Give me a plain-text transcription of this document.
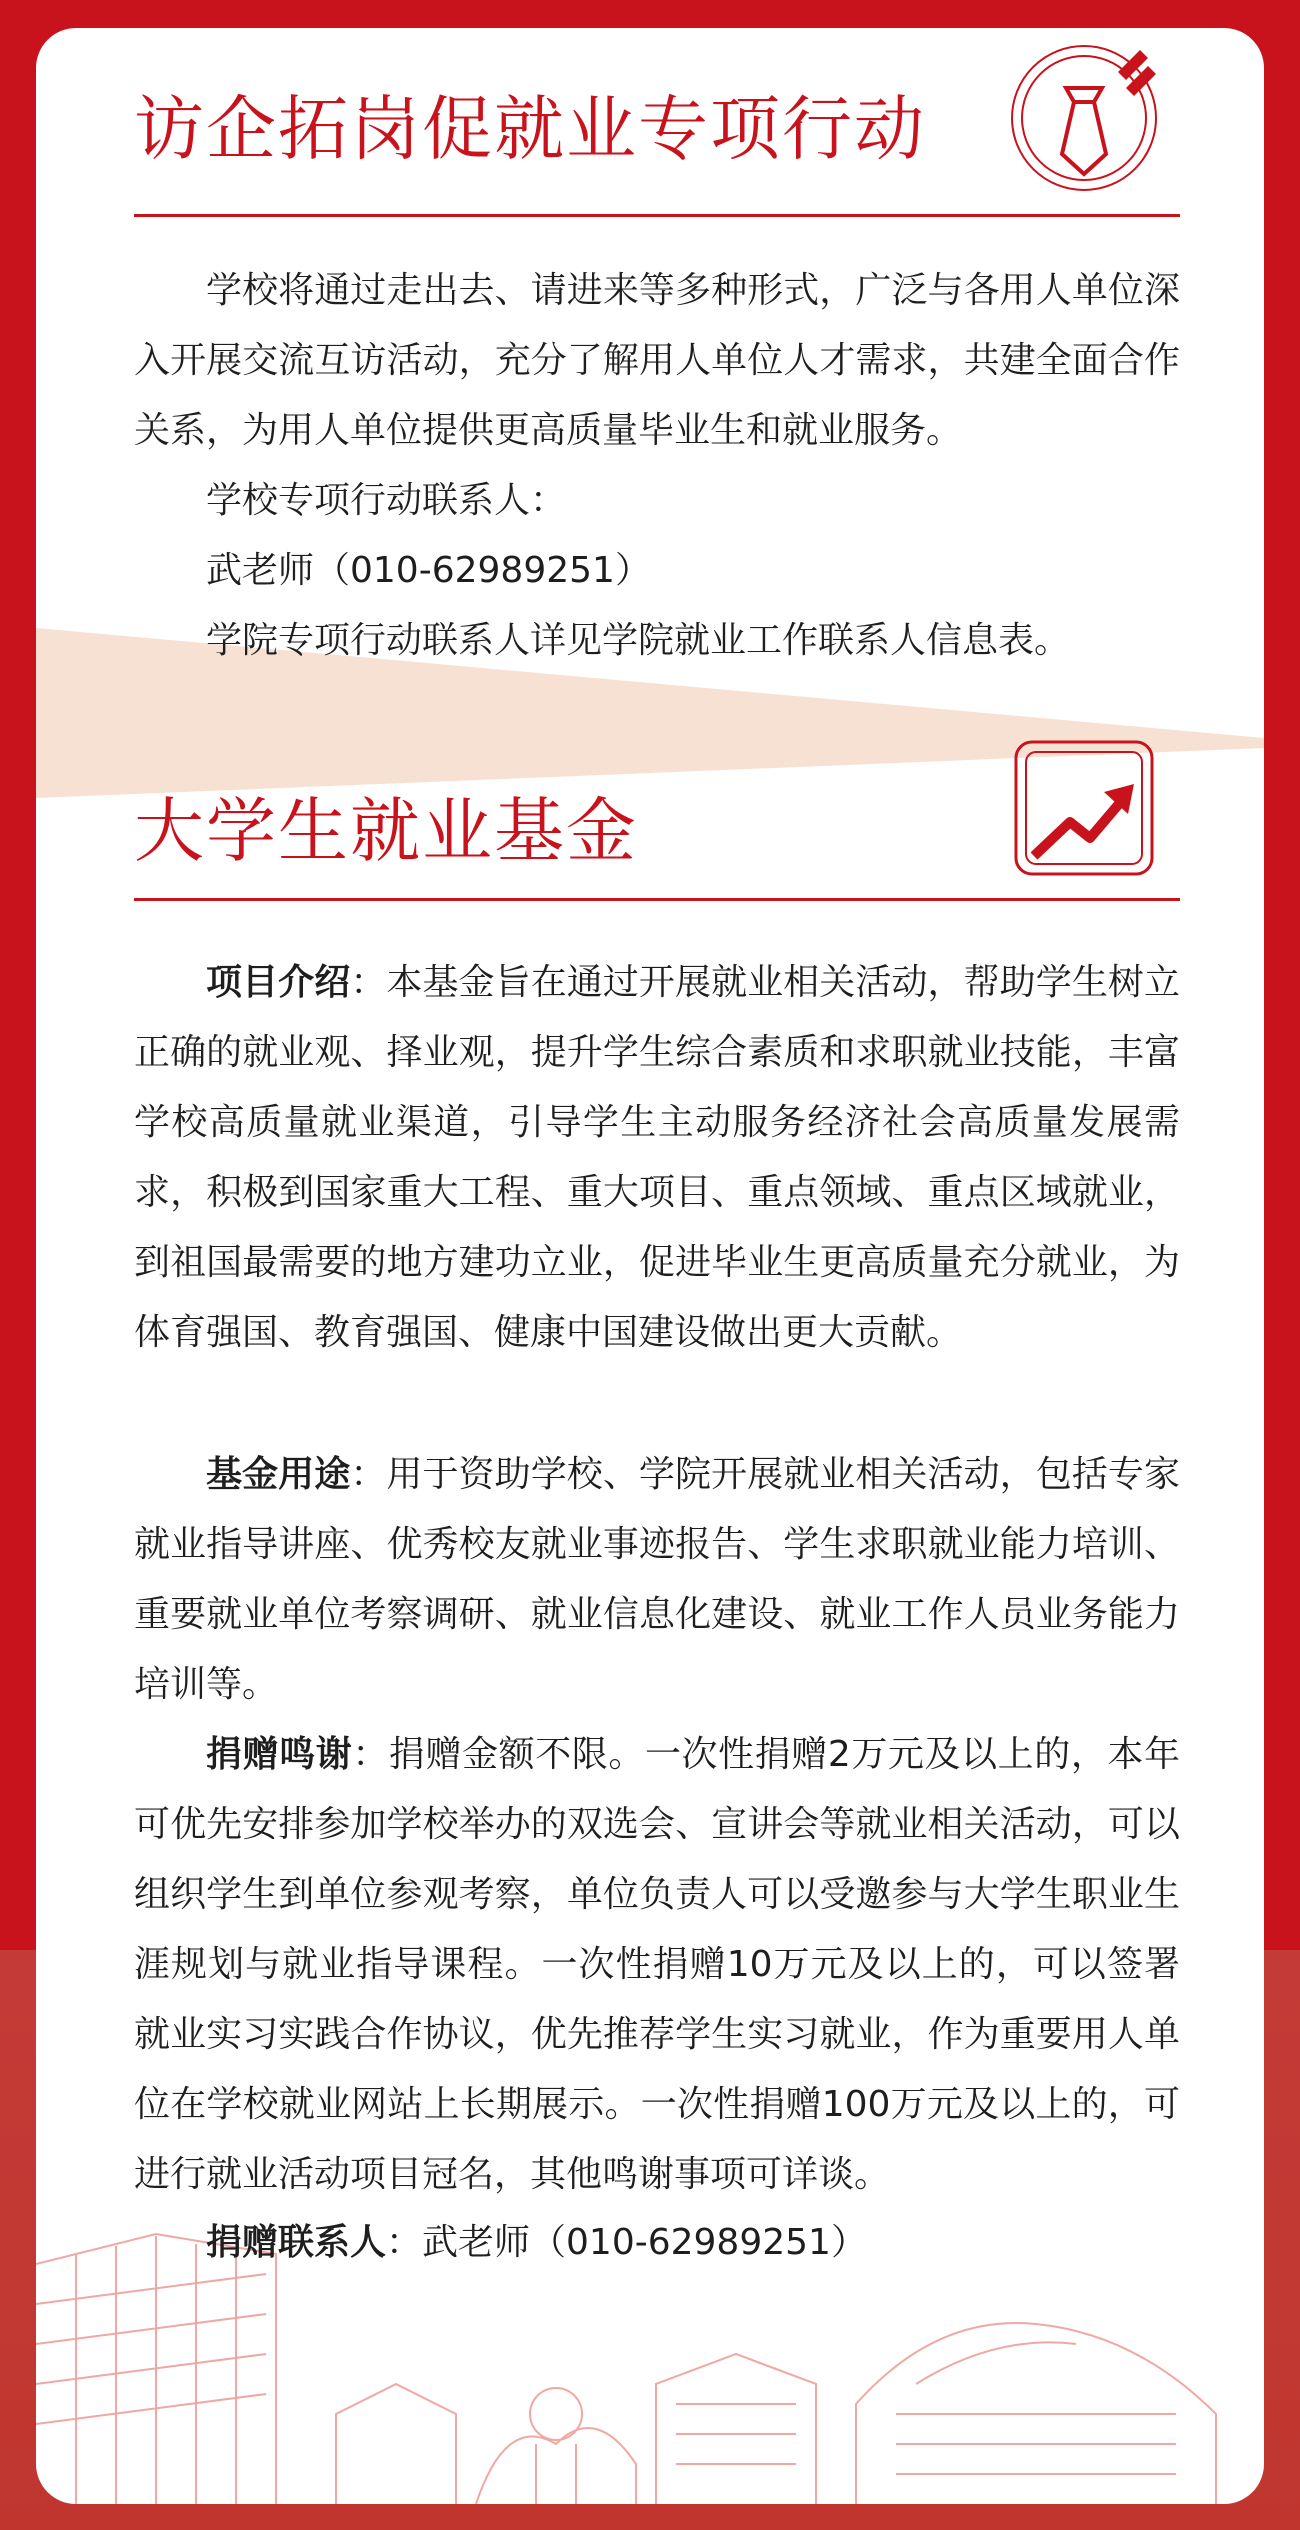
访企拓岗促就业专项行动

学校将通过走出去、请进来等多种形式，广泛与各用人单位深入开展交流互访活动，充分了解用人单位人才需求，共建全面合作关系，为用人单位提供更高质量毕业生和就业服务。

学校专项行动联系人：

武老师（010-62989251）

学院专项行动联系人详见学院就业工作联系人信息表。

大学生就业基金

项目介绍：本基金旨在通过开展就业相关活动，帮助学生树立正确的就业观、择业观，提升学生综合素质和求职就业技能，丰富学校高质量就业渠道，引导学生主动服务经济社会高质量发展需求，积极到国家重大工程、重大项目、重点领域、重点区域就业，到祖国最需要的地方建功立业，促进毕业生更高质量充分就业，为体育强国、教育强国、健康中国建设做出更大贡献。

基金用途：用于资助学校、学院开展就业相关活动，包括专家就业指导讲座、优秀校友就业事迹报告、学生求职就业能力培训、重要就业单位考察调研、就业信息化建设、就业工作人员业务能力培训等。

捐赠鸣谢：捐赠金额不限。一次性捐赠2万元及以上的，本年可优先安排参加学校举办的双选会、宣讲会等就业相关活动，可以组织学生到单位参观考察，单位负责人可以受邀参与大学生职业生涯规划与就业指导课程。一次性捐赠10万元及以上的，可以签署就业实习实践合作协议，优先推荐学生实习就业，作为重要用人单位在学校就业网站上长期展示。一次性捐赠100万元及以上的，可进行就业活动项目冠名，其他鸣谢事项可详谈。

捐赠联系人：武老师（010-62989251）
